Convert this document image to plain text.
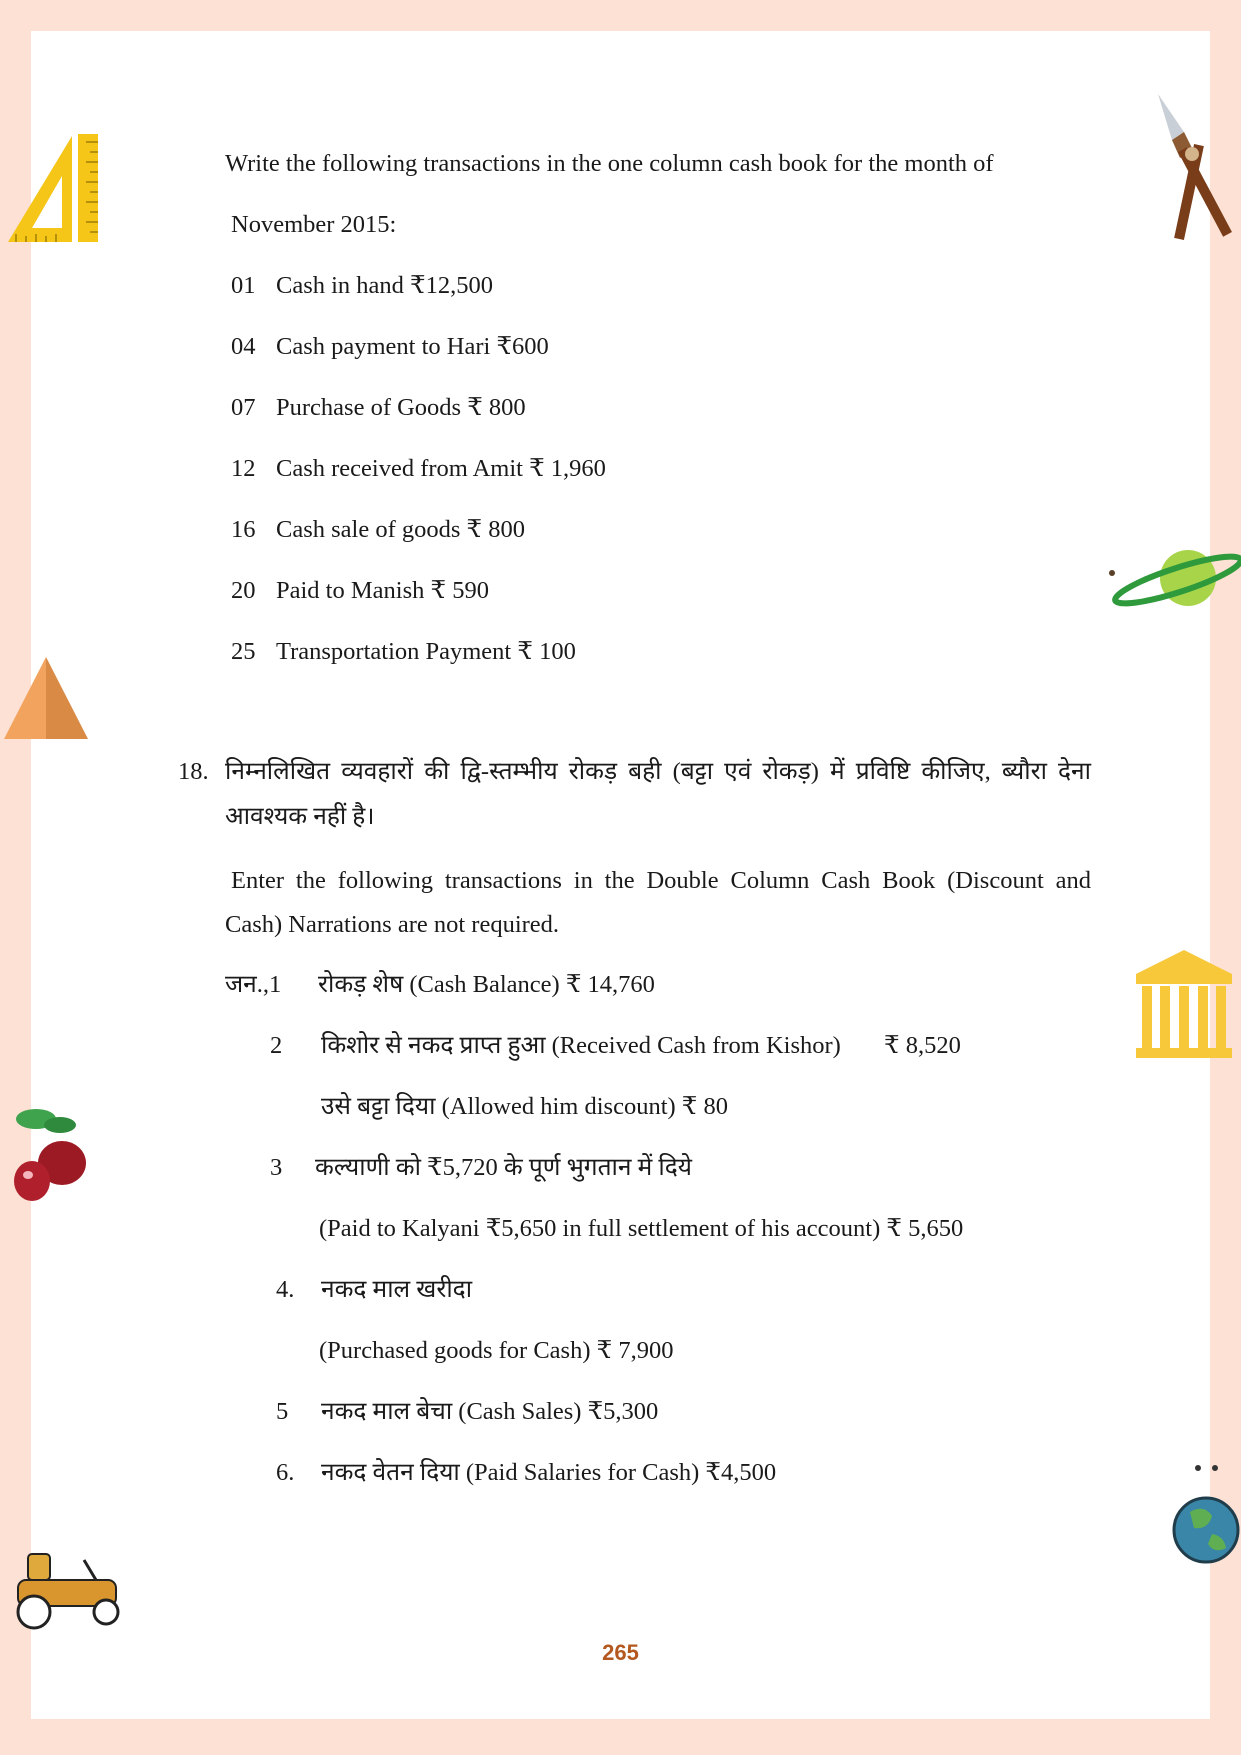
Write the following transactions in the one column cash book for the month of
November 2015:
01 Cash in hand ₹12,500
04 Cash payment to Hari ₹600
07 Purchase of Goods ₹ 800
12 Cash received from Amit ₹ 1,960
16 Cash sale of goods ₹ 800
20 Paid to Manish ₹ 590
25 Transportation Payment ₹ 100
18. निम्नलिखित व्यवहारों की द्वि-स्तम्भीय रोकड़ बही (बट्टा एवं रोकड़) में प्रविष्टि कीजिए, ब्यौरा देना
आवश्यक नहीं है।
Enter the following transactions in the Double Column Cash Book (Discount and
Cash) Narrations are not required.
जन.,1 रोकड़ शेष (Cash Balance) ₹ 14,760
2 किशोर से नकद प्राप्त हुआ (Received Cash from Kishor) ₹ 8,520
उसे बट्टा दिया (Allowed him discount) ₹ 80
3 कल्याणी को ₹5,720 के पूर्ण भुगतान में दिये
(Paid to Kalyani ₹5,650 in full settlement of his account) ₹ 5,650
4. नकद माल खरीदा
(Purchased goods for Cash) ₹ 7,900
5 नकद माल बेचा (Cash Sales) ₹5,300
6. नकद वेतन दिया (Paid Salaries for Cash) ₹4,500
265
